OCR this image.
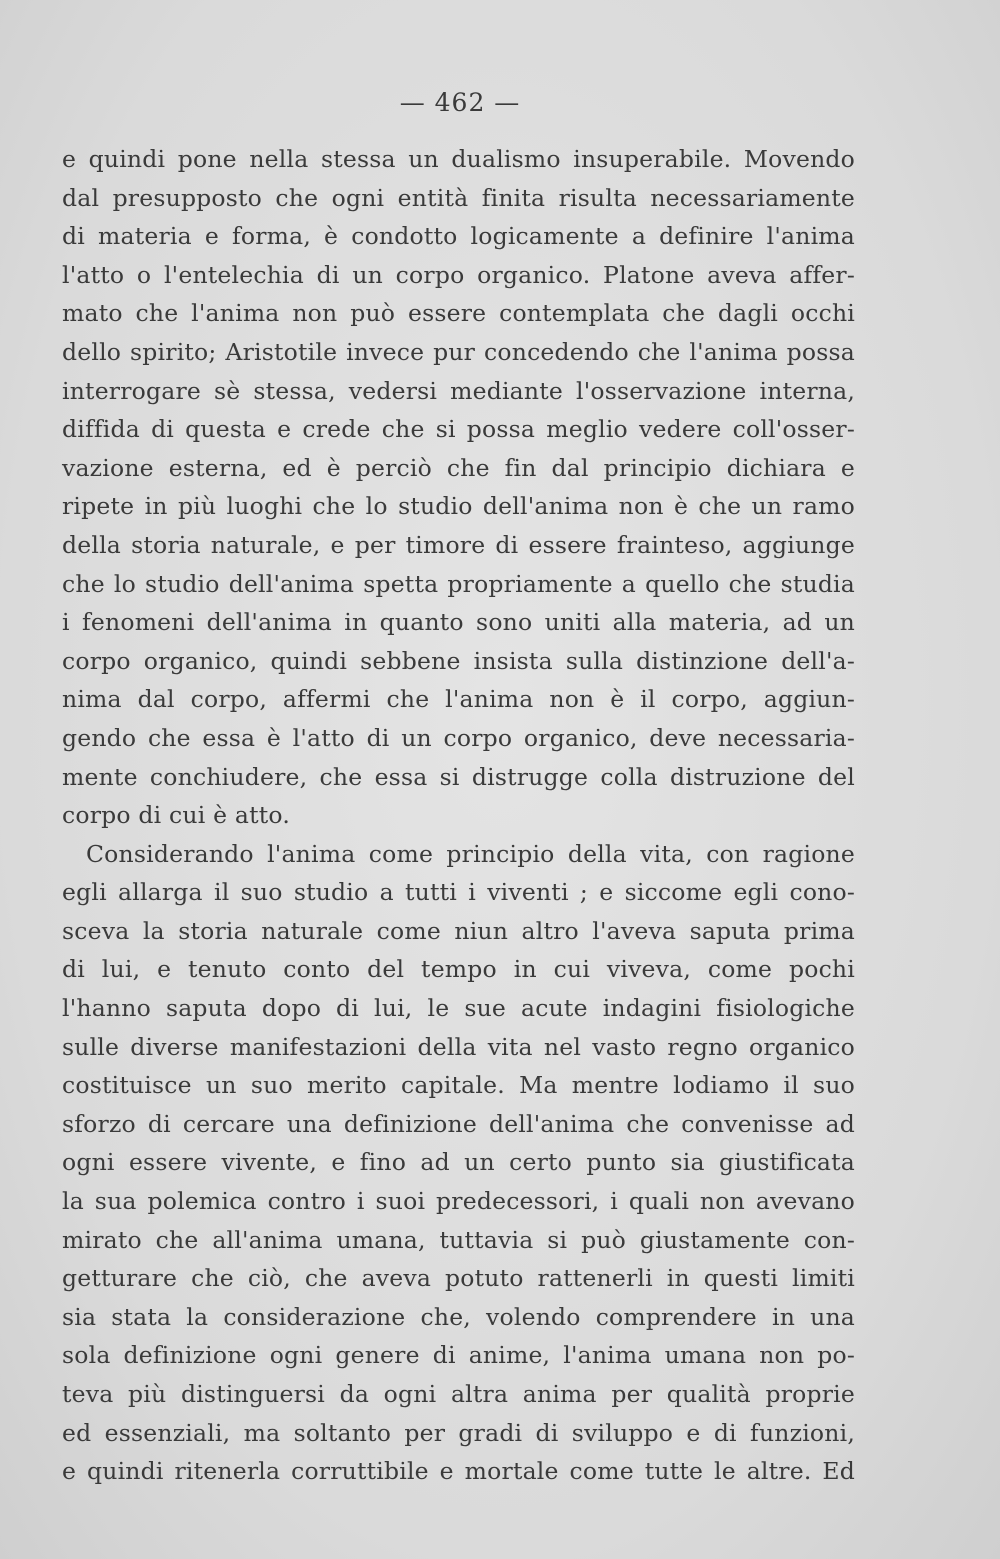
— 462 —
e quindi pone nella stessa un dualismo insuperabile. Movendo
dal presupposto che ogni entità finita risulta necessariamente
di materia e forma, è condotto logicamente a definire l'anima
l'atto o l'entelechia di un corpo organico. Platone aveva affer-
mato che l'anima non può essere contemplata che dagli occhi
dello spirito; Aristotile invece pur concedendo che l'anima possa
interrogare sè stessa, vedersi mediante l'osservazione interna,
diffida di questa e crede che si possa meglio vedere coll'osser-
vazione esterna, ed è perciò che fin dal principio dichiara e
ripete in più luoghi che lo studio dell'anima non è che un ramo
della storia naturale, e per timore di essere frainteso, aggiunge
che lo studio dell'anima spetta propriamente a quello che studia
i fenomeni dell'anima in quanto sono uniti alla materia, ad un
corpo organico, quindi sebbene insista sulla distinzione dell'a-
nima dal corpo, affermi che l'anima non è il corpo, aggiun-
gendo che essa è l'atto di un corpo organico, deve necessaria-
mente conchiudere, che essa si distrugge colla distruzione del
corpo di cui è atto.
Considerando l'anima come principio della vita, con ragione
egli allarga il suo studio a tutti i viventi ; e siccome egli cono-
sceva la storia naturale come niun altro l'aveva saputa prima
di lui, e tenuto conto del tempo in cui viveva, come pochi
l'hanno saputa dopo di lui, le sue acute indagini fisiologiche
sulle diverse manifestazioni della vita nel vasto regno organico
costituisce un suo merito capitale. Ma mentre lodiamo il suo
sforzo di cercare una definizione dell'anima che convenisse ad
ogni essere vivente, e fino ad un certo punto sia giustificata
la sua polemica contro i suoi predecessori, i quali non avevano
mirato che all'anima umana, tuttavia si può giustamente con-
getturare che ciò, che aveva potuto rattenerli in questi limiti
sia stata la considerazione che, volendo comprendere in una
sola definizione ogni genere di anime, l'anima umana non po-
teva più distinguersi da ogni altra anima per qualità proprie
ed essenziali, ma soltanto per gradi di sviluppo e di funzioni,
e quindi ritenerla corruttibile e mortale come tutte le altre. Ed
